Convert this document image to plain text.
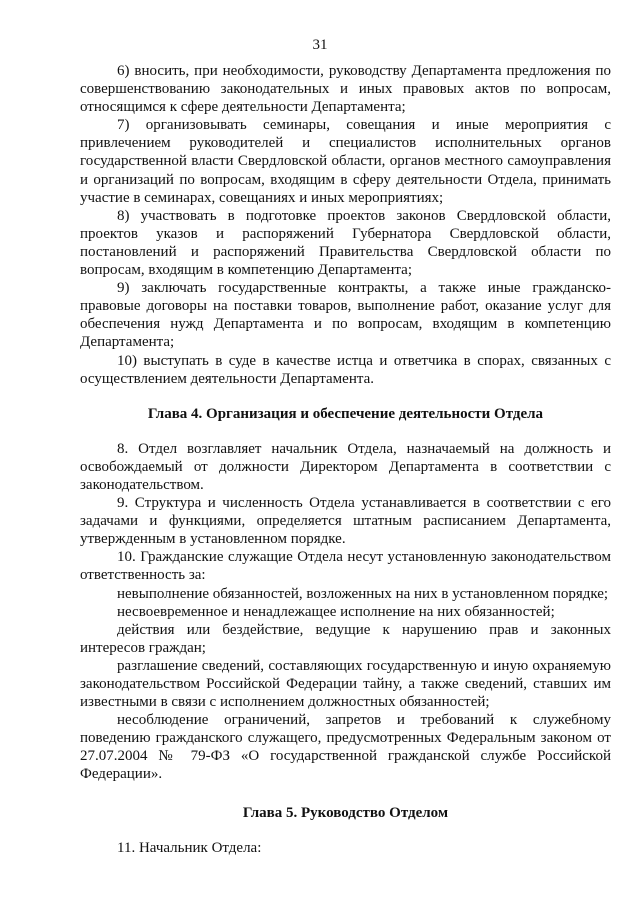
31

6) вносить, при необходимости, руководству Департамента предложения по совершенствованию законодательных и иных правовых актов по вопросам, относящимся к сфере деятельности Департамента;

7) организовывать семинары, совещания и иные мероприятия с привлечением руководителей и специалистов исполнительных органов государственной власти Свердловской области, органов местного самоуправления и организаций по вопросам, входящим в сферу деятельности Отдела, принимать участие в семинарах, совещаниях и иных мероприятиях;

8) участвовать в подготовке проектов законов Свердловской области, проектов указов и распоряжений Губернатора Свердловской области, постановлений и распоряжений Правительства Свердловской области по вопросам, входящим в компетенцию Департамента;

9) заключать государственные контракты, а также иные гражданско-правовые договоры на поставки товаров, выполнение работ, оказание услуг для обеспечения нужд Департамента и по вопросам, входящим в компетенцию Департамента;

10) выступать в суде в качестве истца и ответчика в спорах, связанных с осуществлением деятельности Департамента.

Глава 4. Организация и обеспечение деятельности Отдела

8. Отдел возглавляет начальник Отдела, назначаемый на должность и освобождаемый от должности Директором Департамента в соответствии с законодательством.

9. Структура и численность Отдела устанавливается в соответствии с его задачами и функциями, определяется штатным расписанием Департамента, утвержденным в установленном порядке.

10. Гражданские служащие Отдела несут установленную законодательством ответственность за:

невыполнение обязанностей, возложенных на них в установленном порядке;

несвоевременное и ненадлежащее исполнение на них обязанностей;

действия или бездействие, ведущие к нарушению прав и законных интересов граждан;

разглашение сведений, составляющих государственную и иную охраняемую законодательством Российской Федерации тайну, а также сведений, ставших им известными в связи с исполнением должностных обязанностей;

несоблюдение ограничений, запретов и требований к служебному поведению гражданского служащего, предусмотренных Федеральным законом от 27.07.2004 № 79-ФЗ «О государственной гражданской службе Российской Федерации».

Глава 5. Руководство Отделом

11. Начальник Отдела:
